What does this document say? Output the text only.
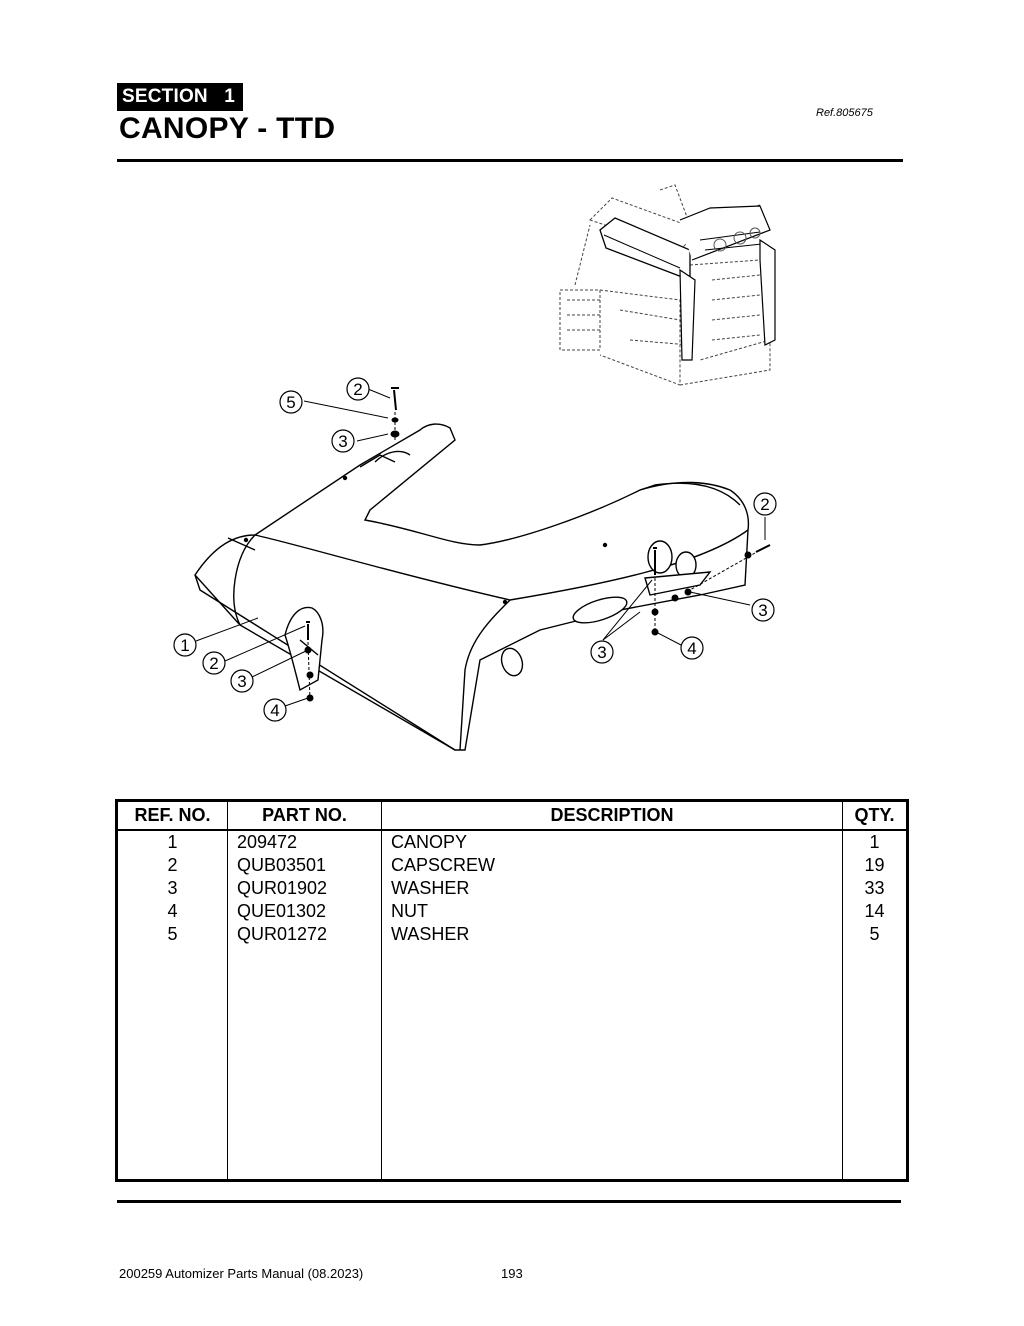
SECTION   1
CANOPY - TTD	Ref.805675
2
5
3
2
3
1
2
3
4
3	4
REF. NO.	PART NO.	DESCRIPTION	QTY.
1	209472	CANOPY	1
2	QUB03501	CAPSCREW	19
3	QUR01902	WASHER	33
4	QUE01302	NUT	14
5	QUR01272	WASHER	5

200259 Automizer Parts Manual (08.2023)	193
